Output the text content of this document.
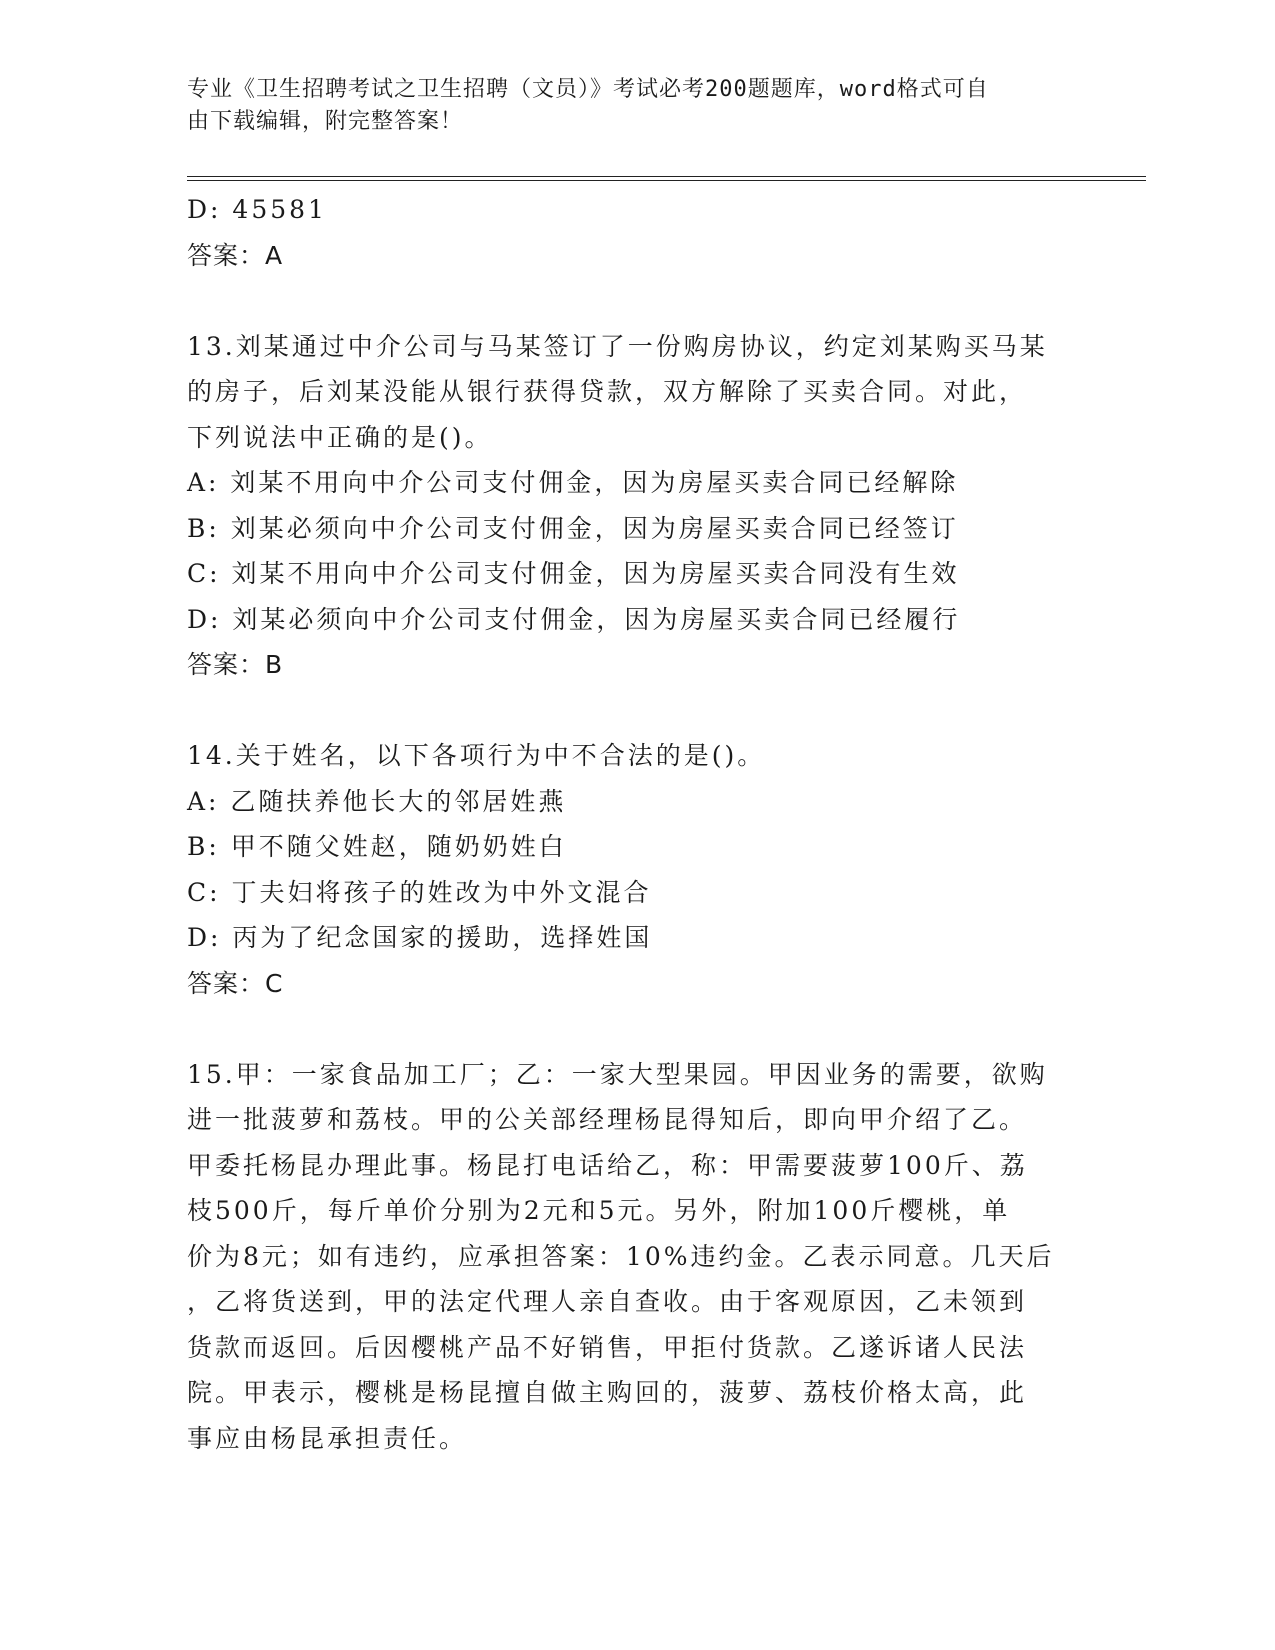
专业《卫生招聘考试之卫生招聘（文员）》考试必考200题题库，word格式可自
由下载编辑，附完整答案！
D: 45581
答案：A
13.刘某通过中介公司与马某签订了一份购房协议，约定刘某购买马某
的房子，后刘某没能从银行获得贷款，双方解除了买卖合同。对此，
下列说法中正确的是()。
A: 刘某不用向中介公司支付佣金，因为房屋买卖合同已经解除
B: 刘某必须向中介公司支付佣金，因为房屋买卖合同已经签订
C: 刘某不用向中介公司支付佣金，因为房屋买卖合同没有生效
D: 刘某必须向中介公司支付佣金，因为房屋买卖合同已经履行
答案：B
14.关于姓名，以下各项行为中不合法的是()。
A: 乙随扶养他长大的邻居姓燕
B: 甲不随父姓赵，随奶奶姓白
C: 丁夫妇将孩子的姓改为中外文混合
D: 丙为了纪念国家的援助，选择姓国
答案：C
15.甲：一家食品加工厂；乙：一家大型果园。甲因业务的需要，欲购
进一批菠萝和荔枝。甲的公关部经理杨昆得知后，即向甲介绍了乙。
甲委托杨昆办理此事。杨昆打电话给乙，称：甲需要菠萝100斤、荔
枝500斤，每斤单价分别为2元和5元。另外，附加100斤樱桃，单
价为8元；如有违约，应承担答案：10%违约金。乙表示同意。几天后
，乙将货送到，甲的法定代理人亲自查收。由于客观原因，乙未领到
货款而返回。后因樱桃产品不好销售，甲拒付货款。乙遂诉诸人民法
院。甲表示，樱桃是杨昆擅自做主购回的，菠萝、荔枝价格太高，此
事应由杨昆承担责任。
